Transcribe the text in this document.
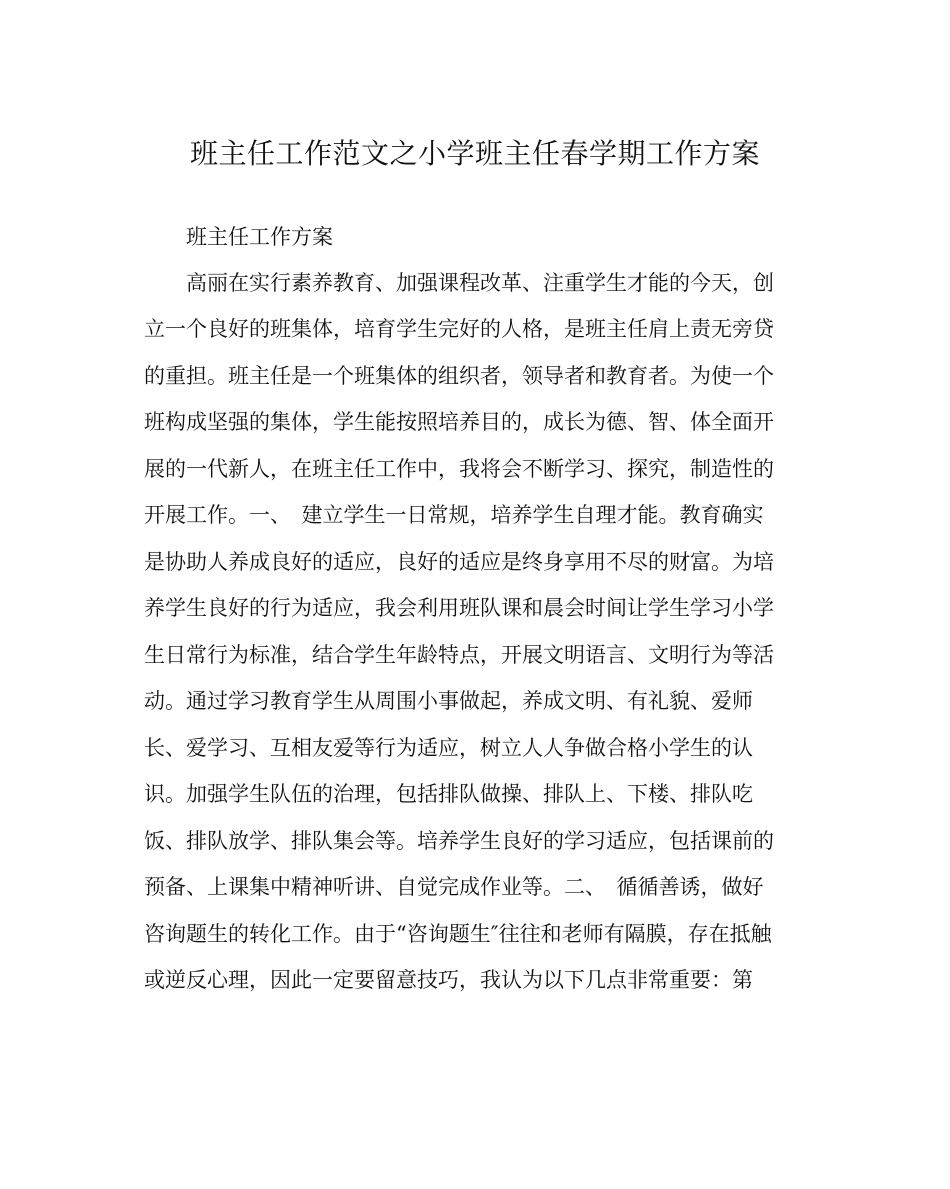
班主任工作范文之小学班主任春学期工作方案
班主任工作方案
高丽在实行素养教育、加强课程改革、注重学生才能的今天，创
立一个良好的班集体，培育学生完好的人格，是班主任肩上责无旁贷
的重担。班主任是一个班集体的组织者，领导者和教育者。为使一个
班构成坚强的集体，学生能按照培养目的，成长为德、智、体全面开
展的一代新人，在班主任工作中，我将会不断学习、探究，制造性的
开展工作。一、　建立学生一日常规，培养学生自理才能。教育确实
是协助人养成良好的适应，良好的适应是终身享用不尽的财富。为培
养学生良好的行为适应，我会利用班队课和晨会时间让学生学习小学
生日常行为标准，结合学生年龄特点，开展文明语言、文明行为等活
动。通过学习教育学生从周围小事做起，养成文明、有礼貌、爱师
长、爱学习、互相友爱等行为适应，树立人人争做合格小学生的认
识。加强学生队伍的治理，包括排队做操、排队上、下楼、排队吃
饭、排队放学、排队集会等。培养学生良好的学习适应，包括课前的
预备、上课集中精神听讲、自觉完成作业等。二、　循循善诱，做好
咨询题生的转化工作。由于“咨询题生″往往和老师有隔膜，存在抵触
或逆反心理，因此一定要留意技巧，我认为以下几点非常重要：第
